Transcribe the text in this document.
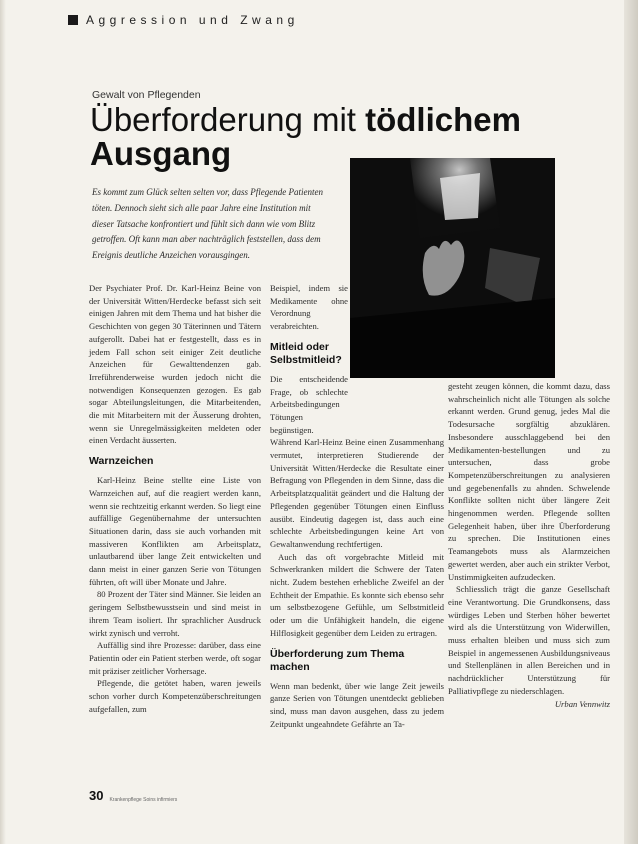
Aggression und Zwang
Gewalt von Pflegenden
Überforderung mit tödlichem
Ausgang
Es kommt zum Glück selten selten vor, dass Pflegende Patienten töten. Dennoch sieht sich alle paar Jahre eine Institution mit dieser Tatsache konfrontiert und fühlt sich dann wie vom Blitz getroffen. Oft kann man aber nachträglich feststellen, dass dem Ereignis deutliche Anzeichen vorausgingen.

Der Psychiater Prof. Dr. Karl-Heinz Beine von der Universität Witten/Herdecke befasst sich seit einigen Jahren mit dem Thema und hat bisher die Geschichten von gegen 30 Täterinnen und Tätern aufgerollt. Dabei hat er festgestellt, dass es in jedem Fall schon seit einiger Zeit deutliche Anzeichen für Gewalttendenzen gab. Irreführenderweise wurden jedoch nicht die notwendigen Konsequenzen gezogen. Es gab sogar Abteilungsleitungen, die Mitarbeitenden, die mit Mitarbeitern mit der Äusserung drohten, wenn sie Unregelmässigkeiten meldeten oder einen Verdacht äusserten.

Warnzeichen

Karl-Heinz Beine stellte eine Liste von Warnzeichen auf, auf die reagiert werden kann, wenn sie rechtzeitig erkannt werden. So liegt eine auffällige Gegenübernahme der untersuchten Situationen darin, dass sie auch vorhanden mit massiveren Konflikten am Arbeitsplatz, unlautbarend über lange Zeit entwickelten und dann meist in einer ganzen Serie von Tötungen führten, oft will über Monate und Jahre.

80 Prozent der Täter sind Männer. Sie leiden an geringem Selbstbewusstsein und sind meist in ihrem Team isoliert. Ihr sprachlicher Ausdruck wirkt zynisch und verroht.

Auffällig sind ihre Prozesse: darüber, dass eine Patientin oder ein Patient sterben werde, oft sogar mit präziser zeitlicher Vorhersage.

Pflegende, die getötet haben, waren jeweils schon vorher durch Kompetenzüberschreitungen aufgefallen, zum

Beispiel, indem sie Medikamente ohne Verordnung verabreichten.

Mitleid oder Selbstmitleid?

Die entscheidende Frage, ob schlechte Arbeitsbedingungen Tötungen begünstigen.

Während Karl-Heinz Beine einen Zusammenhang vermutet, interpretieren Studierende der Universität Witten/Herdecke die Resultate einer Befragung von Pflegenden in dem Sinne, dass die Arbeitsplatzqualität geändert und die Haltung der Pflegenden gegenüber Tötungen einen Einfluss ausübt. Eindeutig dagegen ist, dass auch eine schlechte Arbeitsbedingungen keine Art von Gewaltanwendung rechtfertigen.

Auch das oft vorgebrachte Mitleid mit Schwerkranken mildert die Schwere der Taten nicht. Zudem bestehen erhebliche Zweifel an der Echtheit der Empathie. Es konnte sich ebenso sehr um selbstbezogene Gefühle, um Selbstmitleid oder um die Unfähigkeit handeln, die eigene Hilflosigkeit gegenüber dem Leiden zu ertragen.

Überforderung zum Thema machen

Wenn man bedenkt, über wie lange Zeit jeweils ganze Serien von Tötungen unentdeckt geblieben sind, muss man davon ausgehen, dass zu jedem Zeitpunkt ungeahndete Gefährte an Ta-

gesteht zeugen können, die kommt dazu, dass wahrscheinlich nicht alle Tötungen als solche erkannt werden. Grund genug, jedes Mal die Todesursache sorgfältig abzuklären. Insbesondere ausschlaggebend bei den Medikamenten-bestellungen und zu untersuchen, dass grobe Kompetenzüberschreitungen zu analysieren und gegebenenfalls zu ahnden. Schwelende Konflikte sollten nicht über längere Zeit hingenommen werden. Pflegende sollten Gelegenheit haben, über ihre Überforderung zu sprechen. Die Institutionen eines Teamangebots muss als Alarmzeichen gewertet werden, aber auch ein strikter Verbot, Unstimmigkeiten aufzudecken.

Schliesslich trägt die ganze Gesellschaft eine Verantwortung. Die Grundkonsens, dass würdiges Leben und Sterben höher bewertet wird als die Unterstützung von Widerwillen, muss erhalten bleiben und muss sich zum Beispiel in angemessenen Ausbildungsniveaus und Stellenplänen in allen Bereichen und in nachdrücklicher Unterstützung für Palliativpflege zu niederschlagen.

Urban Vennwitz

30 Krankenpflege Soins infirmiers
